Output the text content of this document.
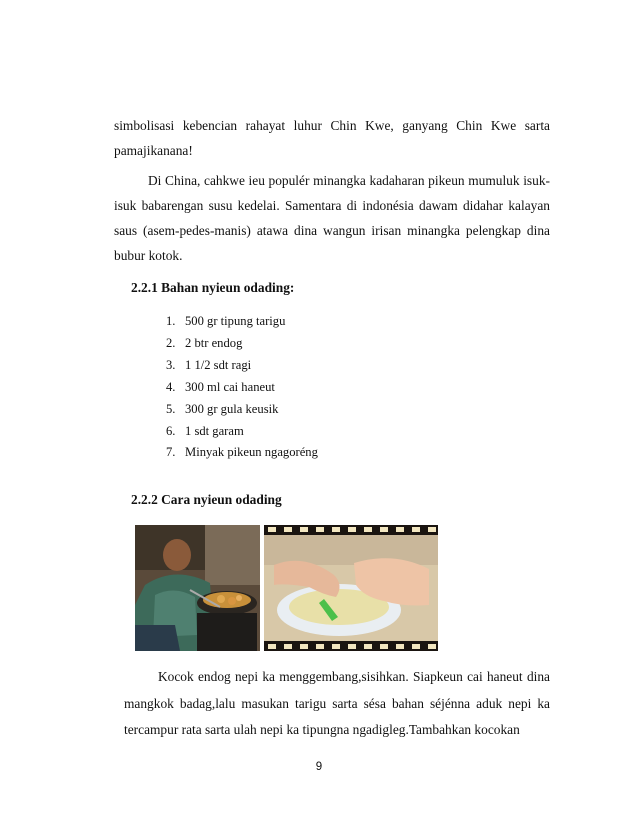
simbolisasi kebencian rahayat luhur Chin Kwe, ganyang Chin Kwe sarta pamajikanana!

Di China, cahkwe ieu populér minangka kadaharan pikeun mumuluk isuk-isuk babarengan susu kedelai. Samentara di indonésia dawam didahar kalayan saus (asem-pedes-manis) atawa dina wangun irisan minangka pelengkap dina bubur kotok.

2.2.1 Bahan nyieun odading:
1. 500 gr tipung tarigu
2. 2 btr endog
3. 1 1/2 sdt ragi
4. 300 ml cai haneut
5. 300 gr gula keusik
6. 1 sdt garam
7. Minyak pikeun ngagoréng
2.2.2 Cara nyieun odading

Kocok endog nepi ka menggembang,sisihkan. Siapkeun cai haneut dina mangkok badag,lalu masukan tarigu sarta sésa bahan séjénna aduk nepi ka tercampur rata sarta ulah nepi ka tipungna ngadigleg.Tambahkan kocokan

9
